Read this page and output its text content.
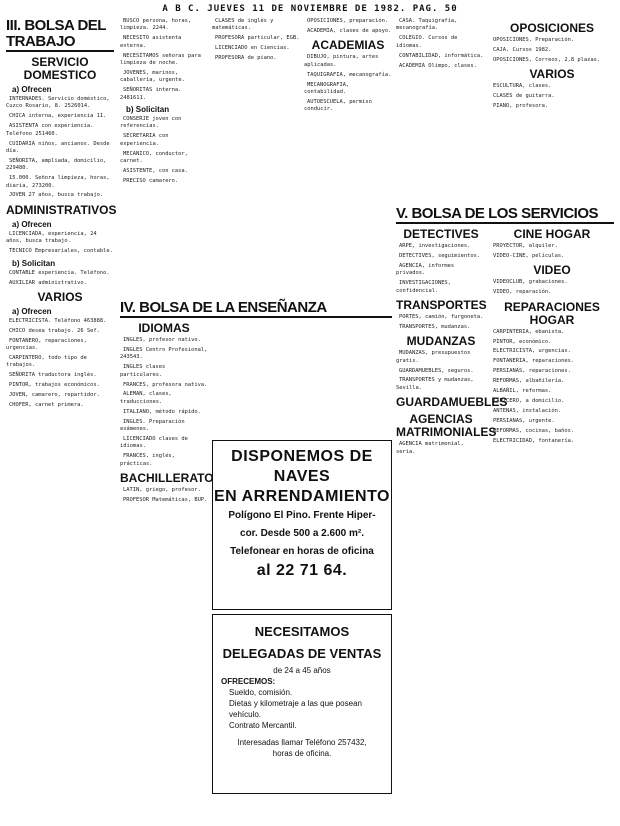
A B C. JUEVES 11 DE NOVIEMBRE DE 1982. PAG. 50
III. BOLSA DEL TRABAJO
SERVICIO DOMESTICO
a) Ofrecen
INTERNADES. Servicio doméstico, Cuzco Rosario, 8. 2526014.
CHICA interna, experiencia 11.
ASISTENTA con experiencia. Teléfono 251460.
CUIDARIA niños, ancianos. Desde día.
SEÑORITA, ampliada, domicilio, 229480.
15.000. Señora limpieza, horas, diaria, 273200.
JOVEN 27 años, busca trabajo.
ADMINISTRATIVOS
a) Ofrecen
LICENCIADA, experiencia, 24 años, busca trabajo.
TECNICO Empresariales, contable.
b) Solicitan
CONTABLE experiencia. Teléfono.
AUXILIAR administrativo.
VARIOS
a) Ofrecen
ELECTRICISTA. Teléfono 463888.
CHICO desea trabajo. 26 Sef.
FONTANERO, reparaciones, urgencias.
CARPINTERO, todo tipo de trabajos.
SEÑORITA traductora inglés.
PINTOR, trabajos económicos.
JOVEN, camarero, repartidor.
CHOFER, carnet primera.
BUSCO persona, horas, limpieza. 2244.
NECESITO asistenta externa.
NECESITAMOS señoras para limpieza de noche.
JOVENES, marinos, caballería, urgente.
SEÑORITAS interna. 2481611.
b) Solicitan
CONSERJE joven con referencias.
SECRETARIA con experiencia.
MECANICO, conductor, carnet.
ASISTENTE, con casa.
PRECISO camarero.
CLASES de inglés y matemáticas.
PROFESORA particular, EGB.
LICENCIADO en Ciencias.
PROFESORA de piano.
OPOSICIONES, preparación.
ACADEMIA, clases de apoyo.
ACADEMIAS
DIBUJO, pintura, artes aplicadas.
TAQUIGRAFIA, mecanografía.
MECANOGRAFIA, contabilidad.
AUTOESCUELA, permiso conducir.
IV. BOLSA DE LA ENSEÑANZA
IDIOMAS
INGLES, profesor nativo.
INGLES Centro Profesional, 243543.
INGLES clases particulares.
FRANCES, profesora nativa.
ALEMAN, clases, traducciones.
ITALIANO, método rápido.
INGLES. Preparación exámenes.
LICENCIADO clases de idiomas.
FRANCES, inglés, prácticas.
BACHILLERATO
LATIN, griego, profesor.
PROFESOR Matemáticas, BUP.
DISPONEMOS DE NAVES
EN ARRENDAMIENTO
Polígono El Pino. Frente Hiper-
cor. Desde 500 a 2.600 m².
Telefonear en horas de oficina
al 22 71 64.
NECESITAMOS
DELEGADAS DE VENTAS
de 24 a 45 años
OFRECEMOS:
Sueldo, comisión.
Dietas y kilometraje a las que posean vehículo.
Contrato Mercantil.
Interesadas llamar Teléfono 257432,
horas de oficina.
CASA. Taquigrafía, mecanografía.
COLEGIO. Cursos de idiomas.
CONTABILIDAD, informática.
ACADEMIA Olimpo, clases.
V. BOLSA DE LOS SERVICIOS
DETECTIVES
ARPE, investigaciones.
DETECTIVES, seguimientos.
AGENCIA, informes privados.
INVESTIGACIONES, confidencial.
TRANSPORTES
PORTES, camión, furgoneta.
TRANSPORTES, mudanzas.
MUDANZAS
MUDANZAS, presupuestos gratis.
GUARDAMUEBLES, seguros.
TRANSPORTES y mudanzas, Sevilla.
GUARDAMUEBLES
AGENCIAS MATRIMONIALES
AGENCIA matrimonial, seria.
OPOSICIONES
OPOSICIONES. Preparación.
CAJA. Cursos 1982.
OPOSICIONES, Correos, 2,8 plazas.
VARIOS
ESCULTURA, clases.
CLASES de guitarra.
PIANO, profesora.
CINE HOGAR
PROYECTOR, alquiler.
VIDEO-CINE, películas.
VIDEO
VIDEOCLUB, grabaciones.
VIDEO, reparación.
REPARACIONES HOGAR
CARPINTERIA, ebanista.
PINTOR, económico.
ELECTRICISTA, urgencias.
FONTANERIA, reparaciones.
PERSIANAS, reparaciones.
REFORMAS, albañilería.
ALBAÑIL, reformas.
TAPICERO, a domicilio.
ANTENAS, instalación.
PERSIANAS, urgente.
REFORMAS, cocinas, baños.
ELECTRICIDAD, fontanería.
